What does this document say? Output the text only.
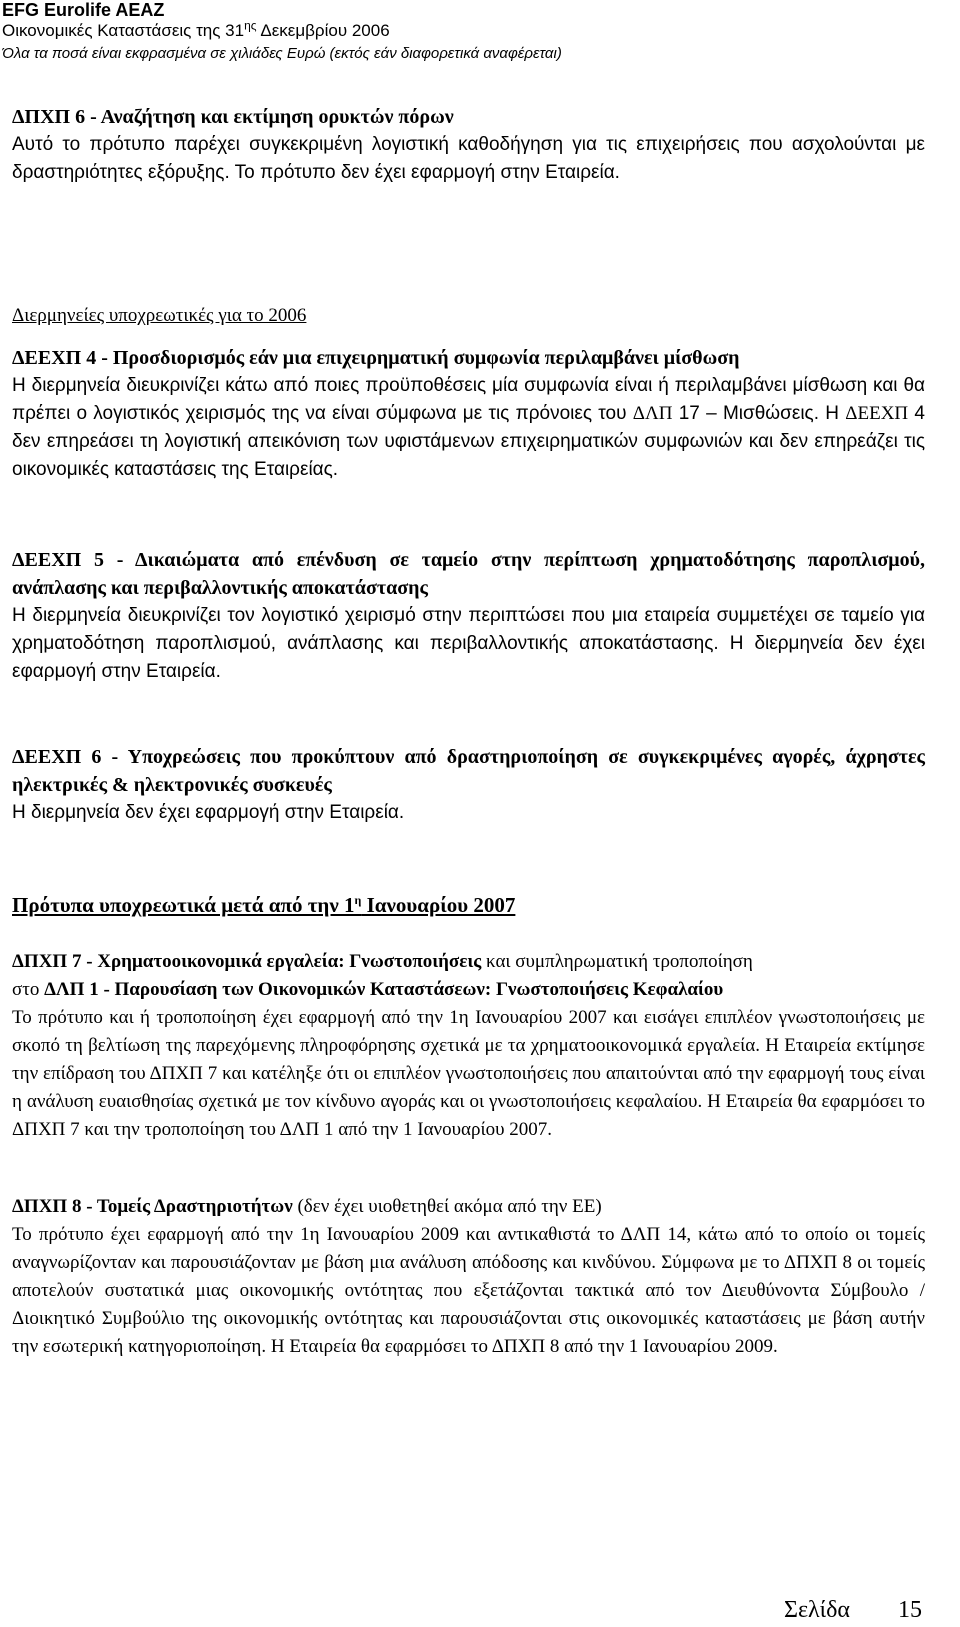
EFG Eurolife AEAZ
Οικονομικές Καταστάσεις της $31^{\eta\varsigma}$ Δεκεμβρίου 2006
Όλα τα ποσά είναι εκφρασμένα σε χιλιάδες Ευρώ (εκτός εάν διαφορετικά αναφέρεται)
ΔΠΧΠ 6 - Αναζήτηση και εκτίμηση ορυκτών πόρων
Αυτό το πρότυπο παρέχει συγκεκριμένη λογιστική καθοδήγηση για τις επιχειρήσεις που ασχολούνται με δραστηριότητες εξόρυξης. Το πρότυπο δεν έχει εφαρμογή στην Εταιρεία.
Διερμηνείες υποχρεωτικές για το 2006
ΔΕΕΧΠ 4 - Προσδιορισμός εάν μια επιχειρηματική συμφωνία περιλαμβάνει μίσθωση
Η διερμηνεία διευκρινίζει κάτω από ποιες προϋποθέσεις μία συμφωνία είναι ή περιλαμβάνει μίσθωση και θα πρέπει ο λογιστικός χειρισμός της να είναι σύμφωνα με τις πρόνοιες του ΔΛΠ 17 – Μισθώσεις. Η ΔΕΕΧΠ 4 δεν επηρεάσει τη λογιστική απεικόνιση των υφιστάμενων επιχειρηματικών συμφωνιών και δεν επηρεάζει τις οικονομικές καταστάσεις της Εταιρείας.
ΔΕΕΧΠ 5 - Δικαιώματα από επένδυση σε ταμείο στην περίπτωση χρηματοδότησης παροπλισμού, ανάπλασης και περιβαλλοντικής αποκατάστασης
Η διερμηνεία διευκρινίζει τον λογιστικό χειρισμό στην περιπτώσει που μια εταιρεία συμμετέχει σε ταμείο για χρηματοδότηση παροπλισμού, ανάπλασης και περιβαλλοντικής αποκατάστασης. Η διερμηνεία δεν έχει εφαρμογή στην Εταιρεία.
ΔΕΕΧΠ 6 - Υποχρεώσεις που προκύπτουν από δραστηριοποίηση σε συγκεκριμένες αγορές, άχρηστες ηλεκτρικές & ηλεκτρονικές συσκευές
Η διερμηνεία δεν έχει εφαρμογή στην Εταιρεία.
Πρότυπα υποχρεωτικά μετά από την $1^\eta$ Ιανουαρίου 2007
ΔΠΧΠ 7 - Χρηματοοικονομικά εργαλεία: Γνωστοποιήσεις και συμπληρωματική τροποποίηση
στο ΔΛΠ 1 - Παρουσίαση των Οικονομικών Καταστάσεων: Γνωστοποιήσεις Κεφαλαίου
Το πρότυπο και ή τροποποίηση έχει εφαρμογή από την 1η Ιανουαρίου 2007 και εισάγει επιπλέον γνωστοποιήσεις με σκοπό τη βελτίωση της παρεχόμενης πληροφόρησης σχετικά με τα χρηματοοικονομικά εργαλεία. Η Εταιρεία εκτίμησε την επίδραση του ΔΠΧΠ 7 και κατέληξε ότι οι επιπλέον γνωστοποιήσεις που απαιτούνται από την εφαρμογή τους είναι η ανάλυση ευαισθησίας σχετικά με τον κίνδυνο αγοράς και οι γνωστοποιήσεις κεφαλαίου. Η Εταιρεία θα εφαρμόσει το ΔΠΧΠ 7 και την τροποποίηση του ΔΛΠ 1 από την 1 Ιανουαρίου 2007.
ΔΠΧΠ 8 - Τομείς Δραστηριοτήτων (δεν έχει υιοθετηθεί ακόμα από την ΕΕ)
Το πρότυπο έχει εφαρμογή από την 1η Ιανουαρίου 2009 και αντικαθιστά το ΔΛΠ 14, κάτω από το οποίο οι τομείς αναγνωρίζονταν και παρουσιάζονταν με βάση μια ανάλυση απόδοσης και κινδύνου. Σύμφωνα με το ΔΠΧΠ 8 οι τομείς αποτελούν συστατικά μιας οικονομικής οντότητας που εξετάζονται τακτικά από τον Διευθύνοντα Σύμβουλο / Διοικητικό Συμβούλιο της οικονομικής οντότητας και παρουσιάζονται στις οικονομικές καταστάσεις με βάση αυτήν την εσωτερική κατηγοριοποίηση. Η Εταιρεία θα εφαρμόσει το ΔΠΧΠ 8 από την 1 Ιανουαρίου 2009.
Σελίδα 15
